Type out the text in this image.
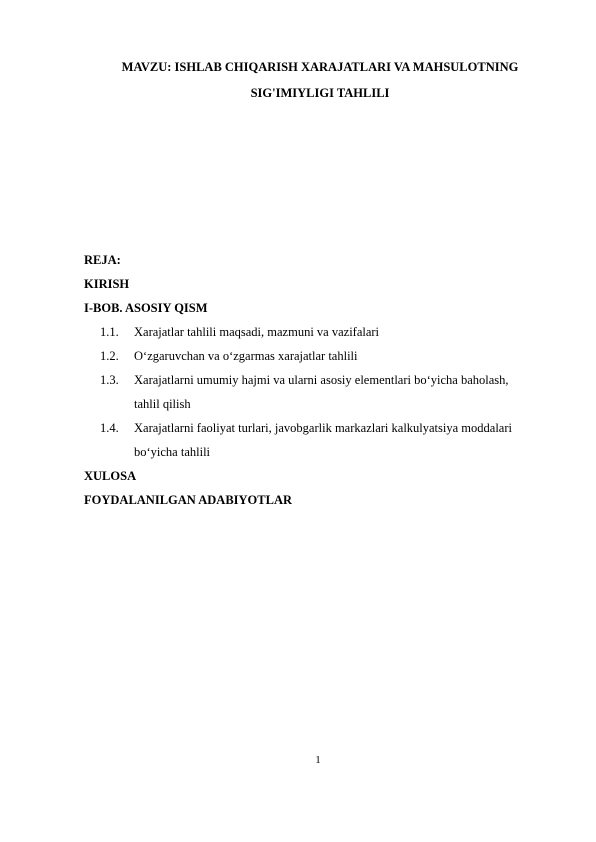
MAVZU: ISHLAB CHIQARISH XARAJATLARI VA MAHSULOTNING
SIG'IMIYLIGI TAHLILI
REJA:
KIRISH
I-BOB. ASOSIY QISM
1.1.	Xarajatlar tahlili maqsadi, mazmuni va vazifalari
1.2.	O‘zgaruvchan va o‘zgarmas xarajatlar tahlili
1.3.	Xarajatlarni umumiy hajmi va ularni asosiy elementlari bo‘yicha baholash, tahlil qilish
1.4.	Xarajatlarni faoliyat turlari, javobgarlik markazlari kalkulyatsiya moddalari bo‘yicha tahlili
XULOSA
FOYDALANILGAN ADABIYOTLAR
1
